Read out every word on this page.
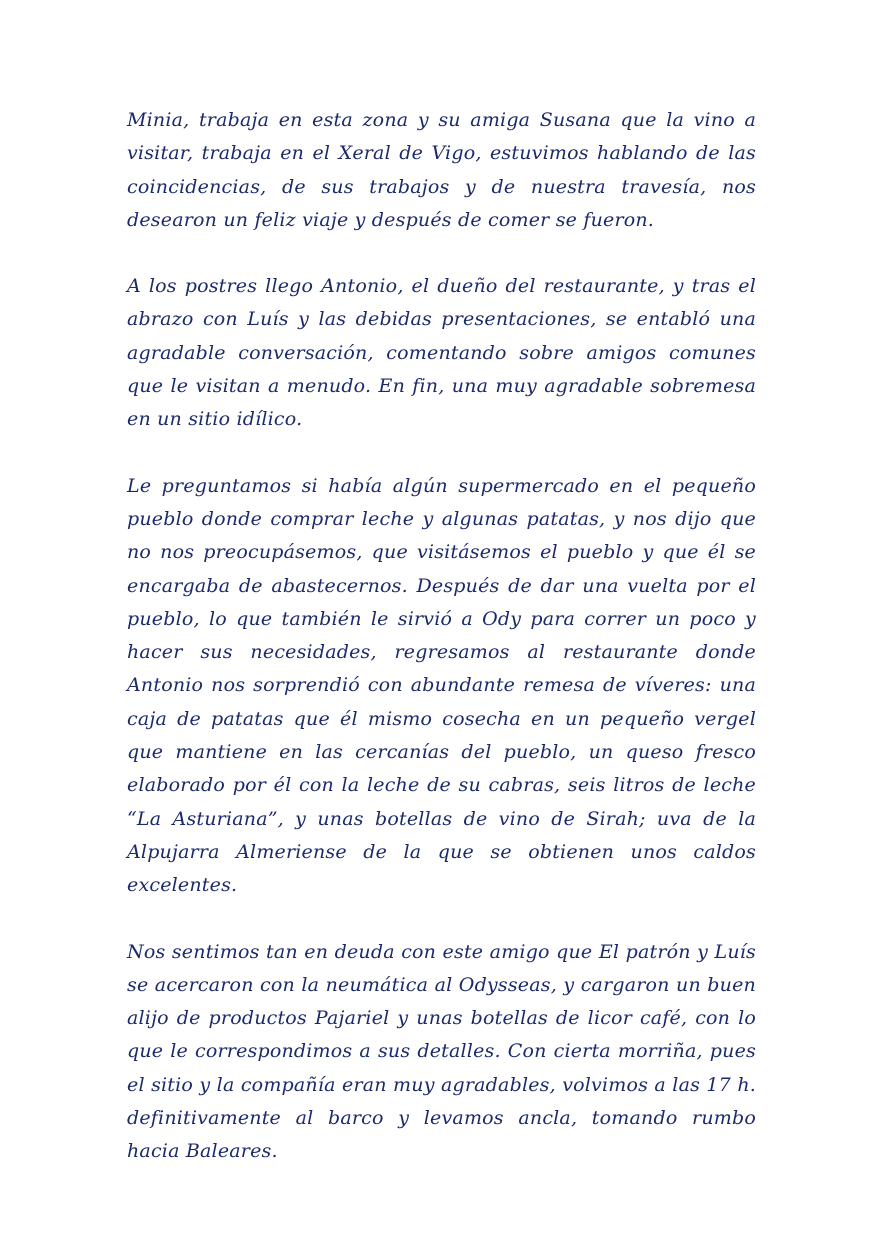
Minia, trabaja en esta zona y su amiga Susana que la vino a visitar, trabaja en el Xeral de Vigo, estuvimos hablando de las coincidencias, de sus trabajos y de nuestra travesía, nos desearon un feliz viaje y después de comer se fueron.

A los postres llego Antonio, el dueño del restaurante, y tras el abrazo con Luís y las debidas presentaciones, se entabló una agradable conversación, comentando sobre amigos comunes que le visitan a menudo. En fin, una muy agradable sobremesa en un sitio idílico.

Le preguntamos si había algún supermercado en el pequeño pueblo donde comprar leche y algunas patatas, y nos dijo que no nos preocupásemos, que visitásemos el pueblo y que él se encargaba de abastecernos. Después de dar una vuelta por el pueblo, lo que también le sirvió a Ody para correr un poco y hacer sus necesidades, regresamos al restaurante donde Antonio nos sorprendió con abundante remesa de víveres: una caja de patatas que él mismo cosecha en un pequeño vergel que mantiene en las cercanías del pueblo, un queso fresco elaborado por él con la leche de su cabras, seis litros de leche “La Asturiana”, y unas botellas de vino de Sirah; uva de la Alpujarra Almeriense de la que se obtienen unos caldos excelentes.

Nos sentimos tan en deuda con este amigo que El patrón y Luís se acercaron con la neumática al Odysseas, y cargaron un buen alijo de productos Pajariel y unas botellas de licor café, con lo que le correspondimos a sus detalles. Con cierta morriña, pues el sitio y la compañía eran muy agradables, volvimos a las 17 h. definitivamente al barco y levamos ancla, tomando rumbo hacia Baleares.
